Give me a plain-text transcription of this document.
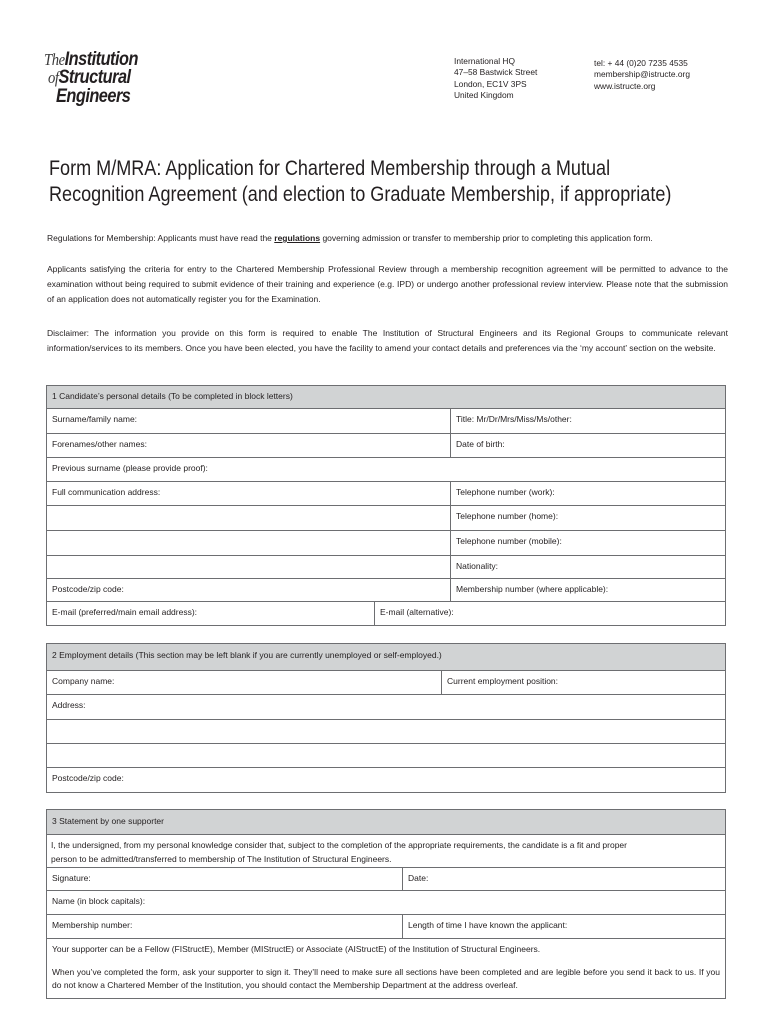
TheInstitution
ofStructural
Engineers
International HQ
47–58 Bastwick Street
London, EC1V 3PS
United Kingdom
tel: + 44 (0)20 7235 4535
membership@istructe.org
www.istructe.org
Form M/MRA: Application for Chartered Membership through a Mutual
Recognition Agreement (and election to Graduate Membership, if appropriate)
Regulations for Membership: Applicants must have read the regulations governing admission or transfer to membership prior to completing this application form.
Applicants satisfying the criteria for entry to the Chartered Membership Professional Review through a membership recognition agreement will be permitted to advance to the examination without being required to submit evidence of their training and experience (e.g. IPD) or undergo another professional review interview. Please note that the submission of an application does not automatically register you for the Examination.
Disclaimer: The information you provide on this form is required to enable The Institution of Structural Engineers and its Regional Groups to communicate relevant information/services to its members. Once you have been elected, you have the facility to amend your contact details and preferences via the ‘my account’ section on the website.
1 Candidate’s personal details (To be completed in block letters)
Surname/family name:	Title: Mr/Dr/Mrs/Miss/Ms/other:
Forenames/other names:	Date of birth:
Previous surname (please provide proof):
Full communication address:	Telephone number (work):
Telephone number (home):
Telephone number (mobile):
Nationality:
Postcode/zip code:	Membership number (where applicable):
E-mail (preferred/main email address):	E-mail (alternative):
2 Employment details (This section may be left blank if you are currently unemployed or self-employed.)
Company name:	Current employment position:
Address:
Postcode/zip code:
3 Statement by one supporter
I, the undersigned, from my personal knowledge consider that, subject to the completion of the appropriate requirements, the candidate is a fit and proper
person to be admitted/transferred to membership of The Institution of Structural Engineers.
Signature:	Date:
Name (in block capitals):
Membership number:	Length of time I have known the applicant:
Your supporter can be a Fellow (FIStructE), Member (MIStructE) or Associate (AIStructE) of the Institution of Structural Engineers.
When you’ve completed the form, ask your supporter to sign it. They’ll need to make sure all sections have been completed and are legible before you send it back to us. If you do not know a Chartered Member of the Institution, you should contact the Membership Department at the address overleaf.
